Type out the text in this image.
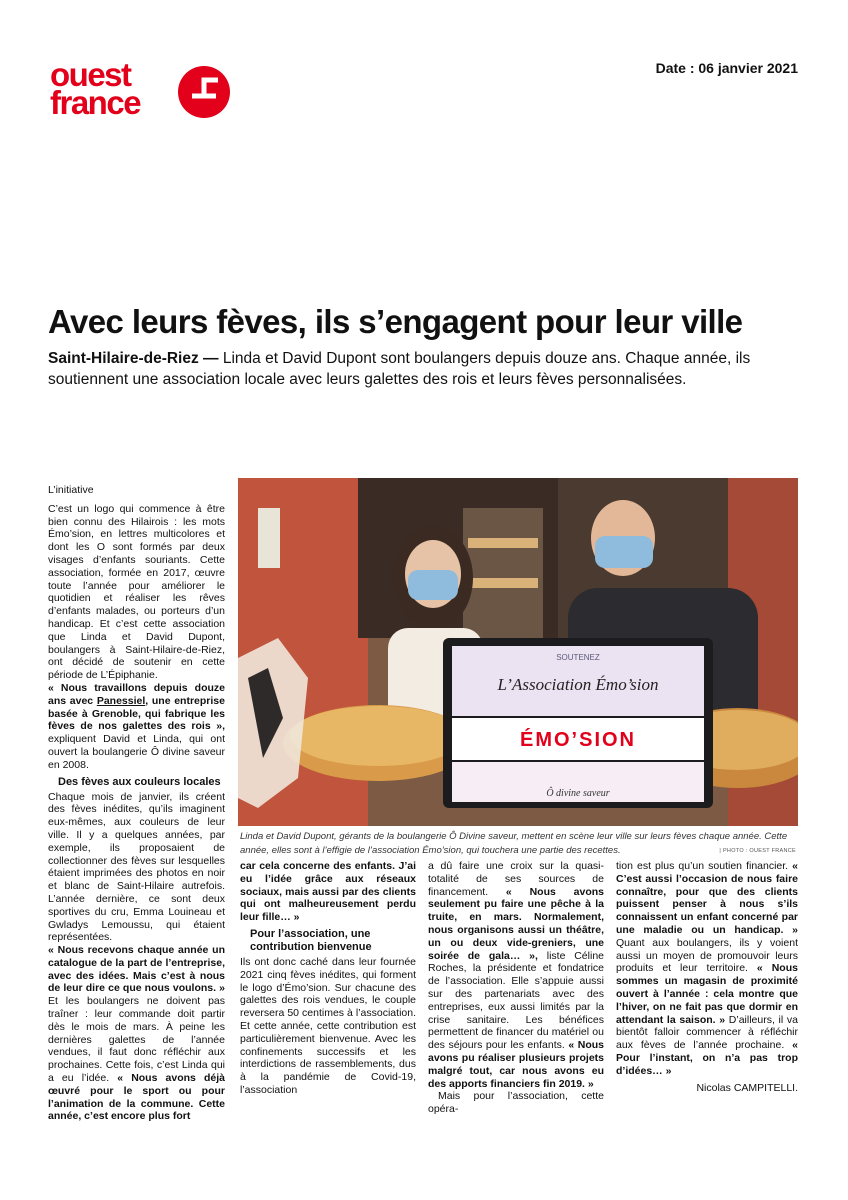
ouest
france
Date : 06 janvier 2021
Avec leurs fèves, ils s’engagent pour leur ville
Saint-Hilaire-de-Riez — Linda et David Dupont sont boulangers depuis douze ans. Chaque année, ils soutiennent une association locale avec leurs galettes des rois et leurs fèves personnalisées.
SOUTENEZ
L’Association Émo’sion
ÉMO’SION
Ô divine saveur
Linda et David Dupont, gérants de la boulangerie Ô Divine saveur, mettent en scène leur ville sur leurs fèves chaque année. Cette année, elles sont à l’effigie de l’association Émo’sion, qui touchera une partie des recettes.	| PHOTO : OUEST FRANCE

L’initiative

C’est un logo qui commence à être bien connu des Hilairois : les mots Émo’sion, en lettres multicolores et dont les O sont formés par deux visages d’enfants souriants. Cette association, formée en 2017, œuvre toute l’année pour améliorer le quotidien et réaliser les rêves d’enfants malades, ou porteurs d’un handicap. Et c’est cette association que Linda et David Dupont, boulangers à Saint-Hilaire-de-Riez, ont décidé de soutenir en cette période de L’Épiphanie.

« Nous travaillons depuis douze ans avec Panessiel, une entreprise basée à Grenoble, qui fabrique les fèves de nos galettes des rois », expliquent David et Linda, qui ont ouvert la boulangerie Ô divine saveur en 2008.

Des fèves aux couleurs locales

Chaque mois de janvier, ils créent des fèves inédites, qu’ils imaginent eux-mêmes, aux couleurs de leur ville. Il y a quelques années, par exemple, ils proposaient de collectionner des fèves sur lesquelles étaient imprimées des photos en noir et blanc de Saint-Hilaire autrefois. L’année dernière, ce sont deux sportives du cru, Emma Louineau et Gwladys Lemoussu, qui étaient représentées.

« Nous recevons chaque année un catalogue de la part de l’entreprise, avec des idées. Mais c’est à nous de leur dire ce que nous voulons. » Et les boulangers ne doivent pas traîner : leur commande doit partir dès le mois de mars. À peine les dernières galettes de l’année vendues, il faut donc réfléchir aux prochaines. Cette fois, c’est Linda qui a eu l’idée. « Nous avons déjà œuvré pour le sport ou pour l’animation de la commune. Cette année, c’est encore plus fort

car cela concerne des enfants. J’ai eu l’idée grâce aux réseaux sociaux, mais aussi par des clients qui ont malheureusement perdu leur fille… »

Pour l’association, une contribution bienvenue

Ils ont donc caché dans leur fournée 2021 cinq fèves inédites, qui forment le logo d’Émo’sion. Sur chacune des galettes des rois vendues, le couple reversera 50 centimes à l’association. Et cette année, cette contribution est particulièrement bienvenue. Avec les confinements successifs et les interdictions de rassemblements, dus à la pandémie de Covid-19, l’association

a dû faire une croix sur la quasi-totalité de ses sources de financement. « Nous avons seulement pu faire une pêche à la truite, en mars. Normalement, nous organisons aussi un théâtre, un ou deux vide-greniers, une soirée de gala… », liste Céline Roches, la présidente et fondatrice de l’association. Elle s’appuie aussi sur des partenariats avec des entreprises, eux aussi limités par la crise sanitaire. Les bénéfices permettent de financer du matériel ou des séjours pour les enfants. « Nous avons pu réaliser plusieurs projets malgré tout, car nous avons eu des apports financiers fin 2019. »

Mais pour l’association, cette opéra-

tion est plus qu’un soutien financier. « C’est aussi l’occasion de nous faire connaître, pour que des clients puissent penser à nous s’ils connaissent un enfant concerné par une maladie ou un handicap. » Quant aux boulangers, ils y voient aussi un moyen de promouvoir leurs produits et leur territoire. « Nous sommes un magasin de proximité ouvert à l’année : cela montre que l’hiver, on ne fait pas que dormir en attendant la saison. » D’ailleurs, il va bientôt falloir commencer à réfléchir aux fèves de l’année prochaine. « Pour l’instant, on n’a pas trop d’idées… »

Nicolas CAMPITELLI.
